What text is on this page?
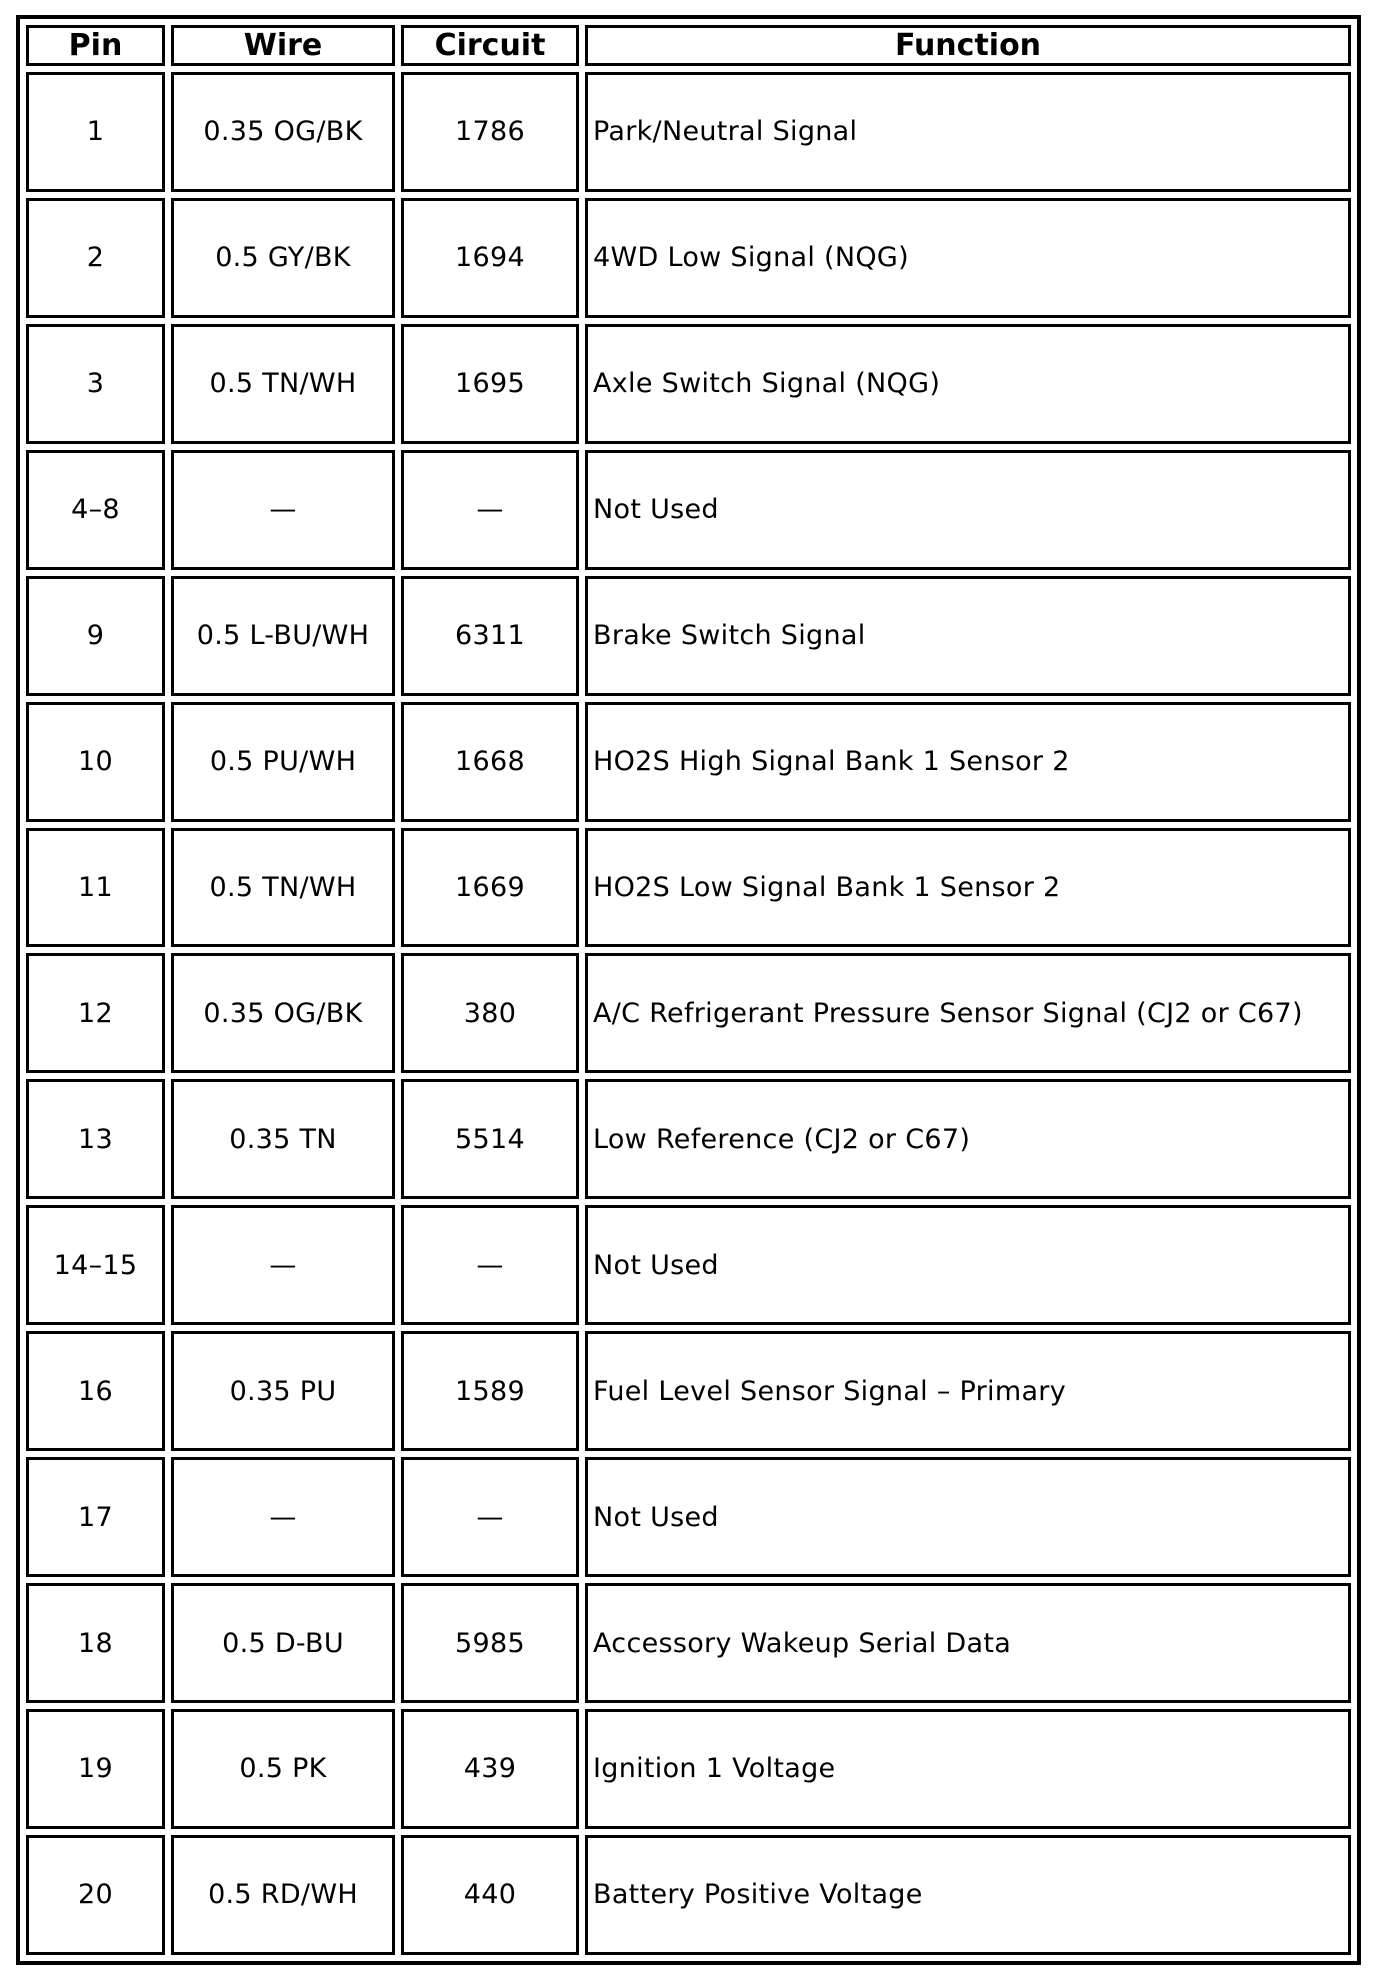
Pin	Wire	Circuit	Function
1	0.35 OG/BK	1786	Park/Neutral Signal
2	0.5 GY/BK	1694	4WD Low Signal (NQG)
3	0.5 TN/WH	1695	Axle Switch Signal (NQG)
4–8	—	—	Not Used
9	0.5 L-BU/WH	6311	Brake Switch Signal
10	0.5 PU/WH	1668	HO2S High Signal Bank 1 Sensor 2
11	0.5 TN/WH	1669	HO2S Low Signal Bank 1 Sensor 2
12	0.35 OG/BK	380	A/C Refrigerant Pressure Sensor Signal (CJ2 or C67)
13	0.35 TN	5514	Low Reference (CJ2 or C67)
14–15	—	—	Not Used
16	0.35 PU	1589	Fuel Level Sensor Signal – Primary
17	—	—	Not Used
18	0.5 D-BU	5985	Accessory Wakeup Serial Data
19	0.5 PK	439	Ignition 1 Voltage
20	0.5 RD/WH	440	Battery Positive Voltage
